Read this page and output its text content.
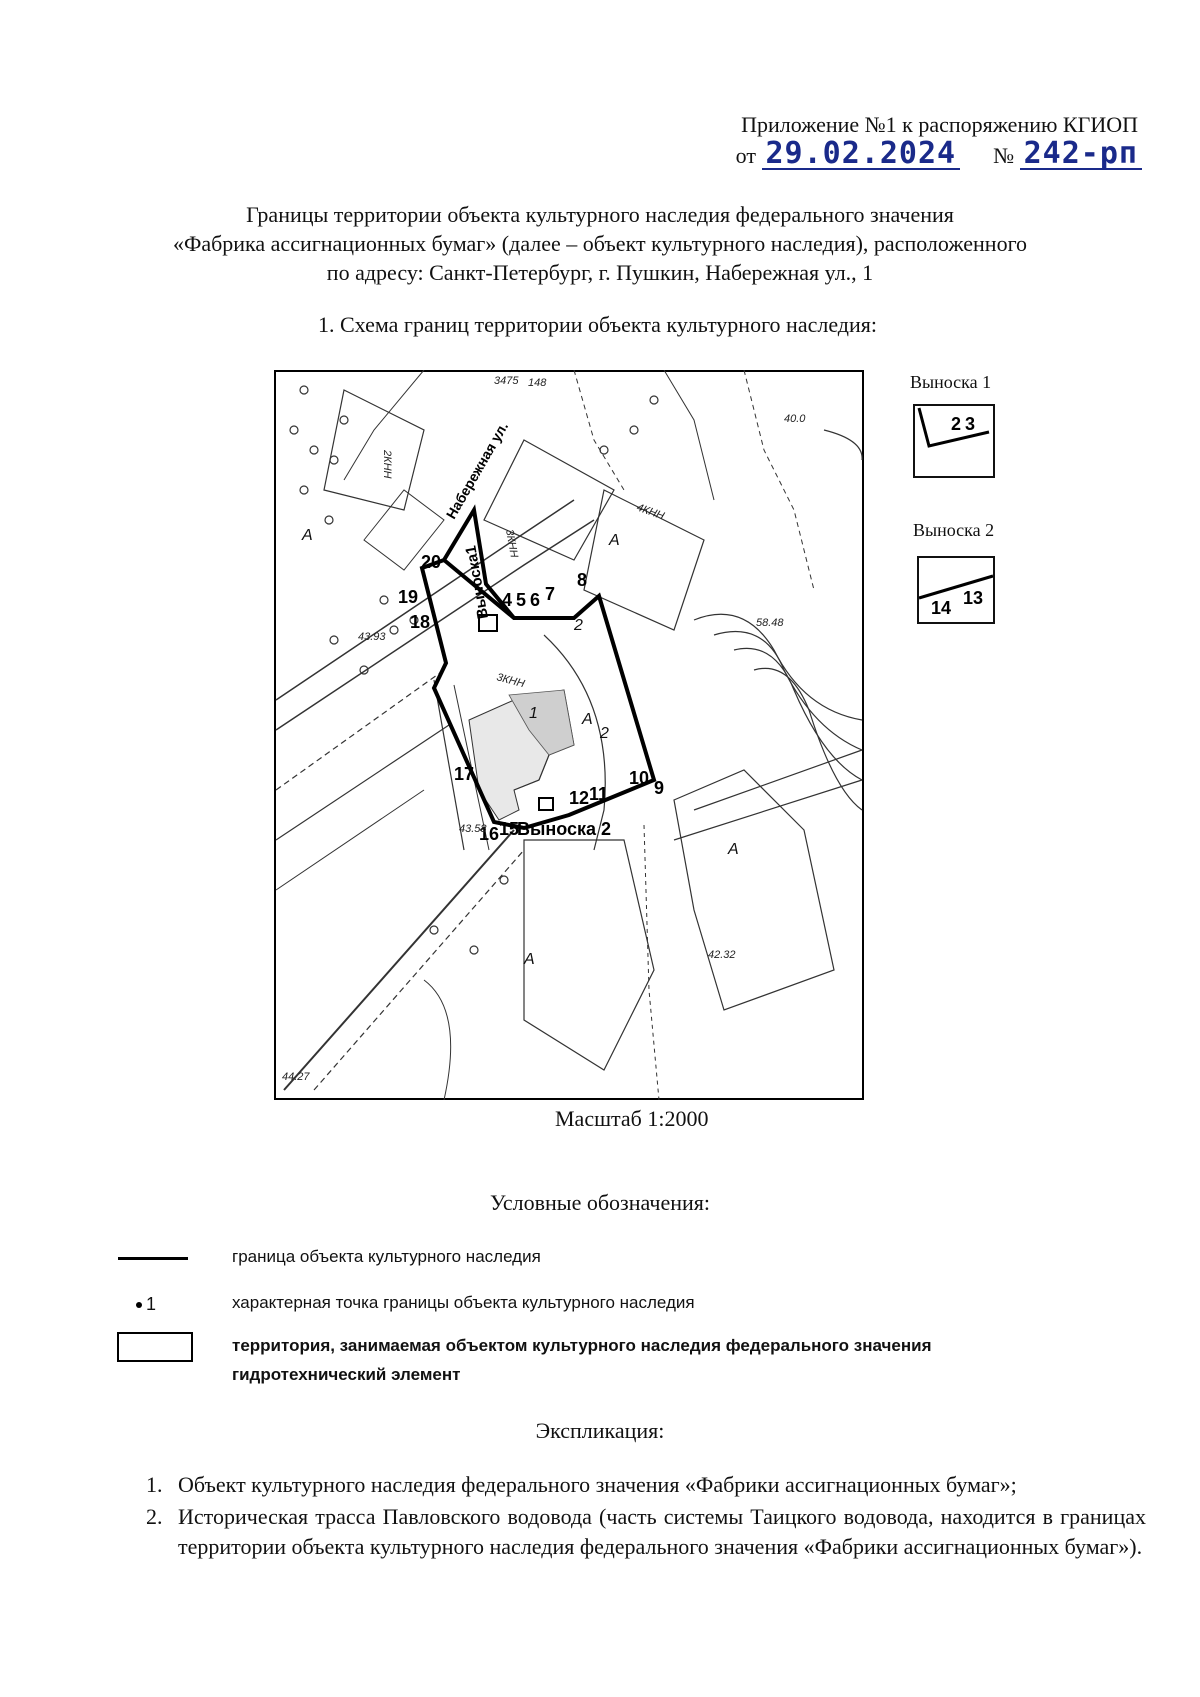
Приложение №1 к распоряжению КГИОП
от 29.02.2024 № 242-рп
Границы территории объекта культурного наследия федерального значения
«Фабрика ассигнационных бумаг» (далее – объект культурного наследия), расположенного
по адресу: Санкт-Петербург, г. Пушкин, Набережная ул., 1
1. Схема границ территории объекта культурного наследия:
20
19
18
4 5 6 7
8
9
10
11
12
15
16
17
Выноска 2
Выноска1
А
А
А
А
А
2
2
1
4КНН
3КНН
2КНН
3КНН
40.0
58.48
43.93
43.58
42.32
44.27
148
3475
Набережная ул.
Масштаб 1:2000
Выноска 1
2 3
Выноска 2
14 13
Условные обозначения:
граница объекта культурного наследия
1	характерная точка границы объекта культурного наследия
территория, занимаемая объектом культурного наследия федерального значения
гидротехнический элемент
Экспликация:
1. Объект культурного наследия федерального значения «Фабрики ассигнационных бумаг»;
2. Историческая трасса Павловского водовода (часть системы Таицкого водовода, находится в границах территории объекта культурного наследия федерального значения «Фабрики ассигнационных бумаг»).
